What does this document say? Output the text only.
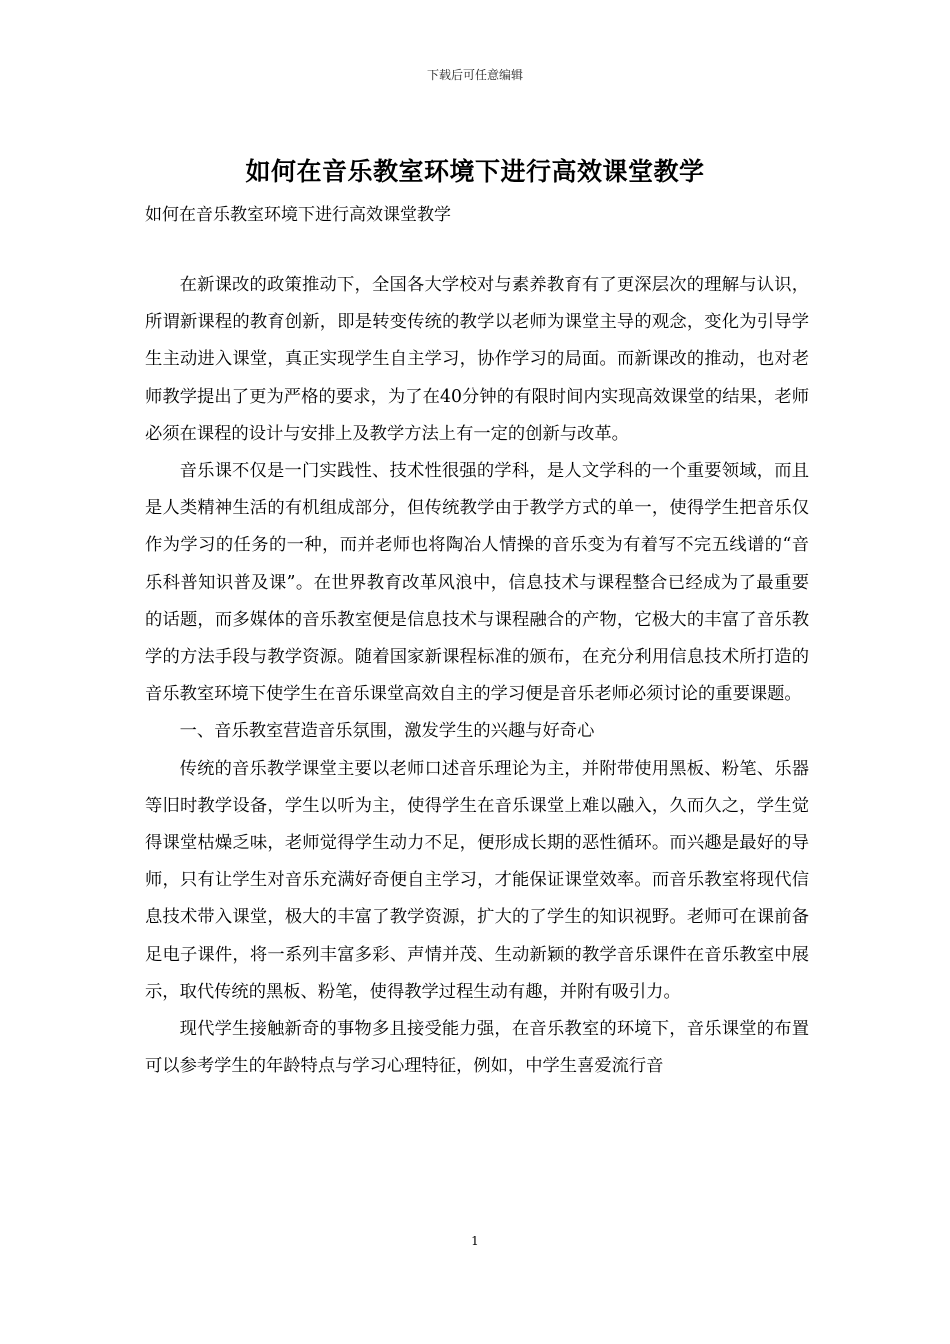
下载后可任意编辑
如何在音乐教室环境下进行高效课堂教学

如何在音乐教室环境下进行高效课堂教学

在新课改的政策推动下，全国各大学校对与素养教育有了更深层次的理解与认识，所谓新课程的教育创新，即是转变传统的教学以老师为课堂主导的观念，变化为引导学生主动进入课堂，真正实现学生自主学习，协作学习的局面。而新课改的推动，也对老师教学提出了更为严格的要求，为了在40分钟的有限时间内实现高效课堂的结果，老师必须在课程的设计与安排上及教学方法上有一定的创新与改革。

音乐课不仅是一门实践性、技术性很强的学科，是人文学科的一个重要领域，而且是人类精神生活的有机组成部分，但传统教学由于教学方式的单一，使得学生把音乐仅作为学习的任务的一种，而并老师也将陶冶人情操的音乐变为有着写不完五线谱的“音乐科普知识普及课”。在世界教育改革风浪中，信息技术与课程整合已经成为了最重要的话题，而多媒体的音乐教室便是信息技术与课程融合的产物，它极大的丰富了音乐教学的方法手段与教学资源。随着国家新课程标准的颁布，在充分利用信息技术所打造的音乐教室环境下使学生在音乐课堂高效自主的学习便是音乐老师必须讨论的重要课题。

一、音乐教室营造音乐氛围，激发学生的兴趣与好奇心

传统的音乐教学课堂主要以老师口述音乐理论为主，并附带使用黑板、粉笔、乐器等旧时教学设备，学生以听为主，使得学生在音乐课堂上难以融入，久而久之，学生觉得课堂枯燥乏味，老师觉得学生动力不足，便形成长期的恶性循环。而兴趣是最好的导师，只有让学生对音乐充满好奇便自主学习，才能保证课堂效率。而音乐教室将现代信息技术带入课堂，极大的丰富了教学资源，扩大的了学生的知识视野。老师可在课前备足电子课件，将一系列丰富多彩、声情并茂、生动新颖的教学音乐课件在音乐教室中展示，取代传统的黑板、粉笔，使得教学过程生动有趣，并附有吸引力。

现代学生接触新奇的事物多且接受能力强，在音乐教室的环境下，音乐课堂的布置可以参考学生的年龄特点与学习心理特征，例如，中学生喜爱流行音

1
